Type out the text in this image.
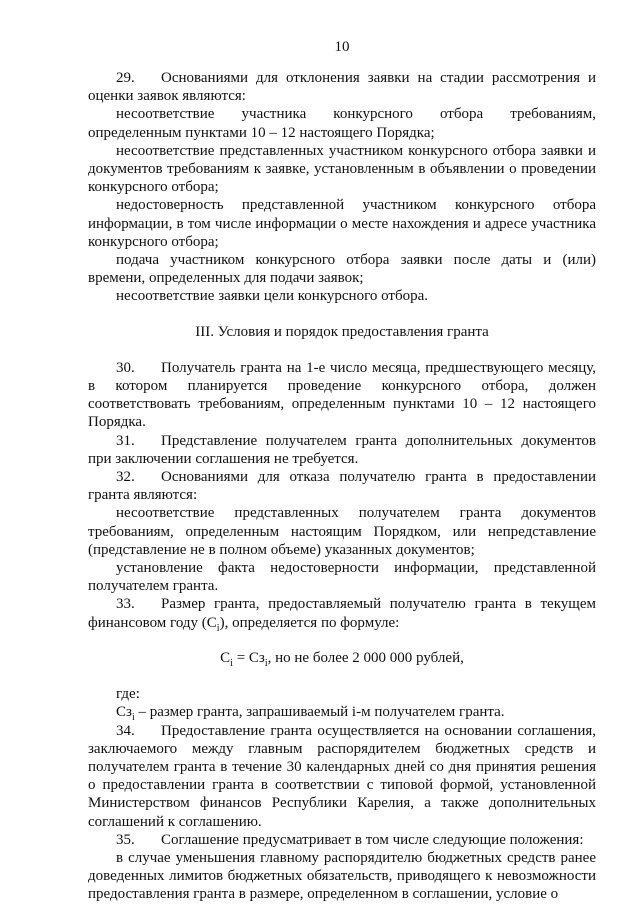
10

29. Основаниями для отклонения заявки на стадии рассмотрения и оценки заявок являются:

несоответствие участника конкурсного отбора требованиям, определенным пунктами 10 – 12 настоящего Порядка;

несоответствие представленных участником конкурсного отбора заявки и документов требованиям к заявке, установленным в объявлении о проведении конкурсного отбора;

недостоверность представленной участником конкурсного отбора информации, в том числе информации о месте нахождения и адресе участника конкурсного отбора;

подача участником конкурсного отбора заявки после даты и (или) времени, определенных для подачи заявок;

несоответствие заявки цели конкурсного отбора.

III. Условия и порядок предоставления гранта

30. Получатель гранта на 1-е число месяца, предшествующего месяцу, в котором планируется проведение конкурсного отбора, должен соответствовать требованиям, определенным пунктами 10 – 12 настоящего Порядка.

31. Представление получателем гранта дополнительных документов при заключении соглашения не требуется.

32. Основаниями для отказа получателю гранта в предоставлении гранта являются:

несоответствие представленных получателем гранта документов требованиям, определенным настоящим Порядком, или непредставление (представление не в полном объеме) указанных документов;

установление факта недостоверности информации, представленной получателем гранта.

33. Размер гранта, предоставляемый получателю гранта в текущем финансовом году $(С_i)$, определяется по формуле:

$С_i = Сз_i$, но не более 2 000 000 рублей,

где:

$Сз_i$ – размер гранта, запрашиваемый i-м получателем гранта.

34. Предоставление гранта осуществляется на основании соглашения, заключаемого между главным распорядителем бюджетных средств и получателем гранта в течение 30 календарных дней со дня принятия решения о предоставлении гранта в соответствии с типовой формой, установленной Министерством финансов Республики Карелия, а также дополнительных соглашений к соглашению.

35. Соглашение предусматривает в том числе следующие положения:

в случае уменьшения главному распорядителю бюджетных средств ранее доведенных лимитов бюджетных обязательств, приводящего к невозможности предоставления гранта в размере, определенном в соглашении, условие о
